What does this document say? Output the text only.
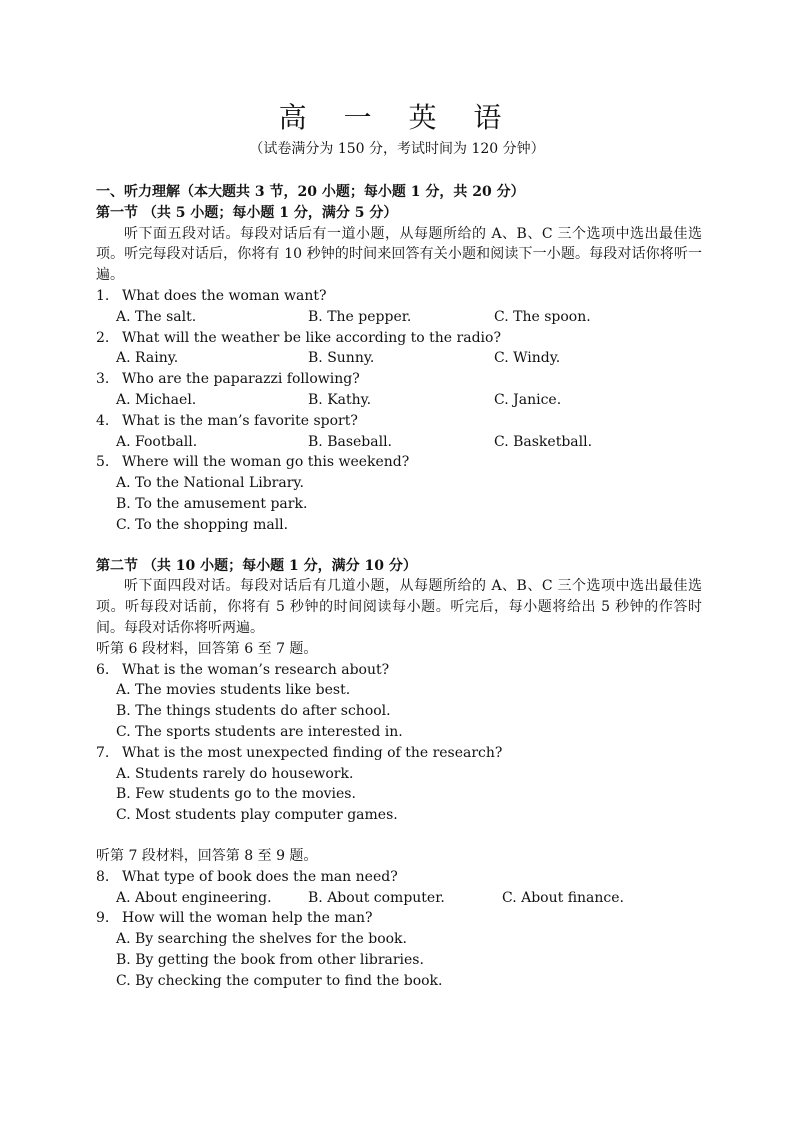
高 一 英 语
（试卷满分为 150 分，考试时间为 120 分钟）
一、听力理解（本大题共 3 节，20 小题；每小题 1 分，共 20 分）
第一节 （共 5 小题；每小题 1 分，满分 5 分）
听下面五段对话。每段对话后有一道小题，从每题所给的 A、B、C 三个选项中选出最佳选项。听完每段对话后，你将有 10 秒钟的时间来回答有关小题和阅读下一小题。每段对话你将听一遍。
1. What does the woman want?
A. The salt.	B. The pepper.	C. The spoon.
2. What will the weather be like according to the radio?
A. Rainy.	B. Sunny.	C. Windy.
3. Who are the paparazzi following?
A. Michael.	B. Kathy.	C. Janice.
4. What is the man’s favorite sport?
A. Football.	B. Baseball.	C. Basketball.
5. Where will the woman go this weekend?
A. To the National Library.
B. To the amusement park.
C. To the shopping mall.
第二节 （共 10 小题；每小题 1 分，满分 10 分）
听下面四段对话。每段对话后有几道小题，从每题所给的 A、B、C 三个选项中选出最佳选项。听每段对话前，你将有 5 秒钟的时间阅读每小题。听完后，每小题将给出 5 秒钟的作答时间。每段对话你将听两遍。
听第 6 段材料，回答第 6 至 7 题。
6. What is the woman’s research about?
A. The movies students like best.
B. The things students do after school.
C. The sports students are interested in.
7. What is the most unexpected finding of the research?
A. Students rarely do housework.
B. Few students go to the movies.
C. Most students play computer games.
听第 7 段材料，回答第 8 至 9 题。
8. What type of book does the man need?
A. About engineering.	B. About computer.	C. About finance.
9. How will the woman help the man?
A. By searching the shelves for the book.
B. By getting the book from other libraries.
C. By checking the computer to find the book.
